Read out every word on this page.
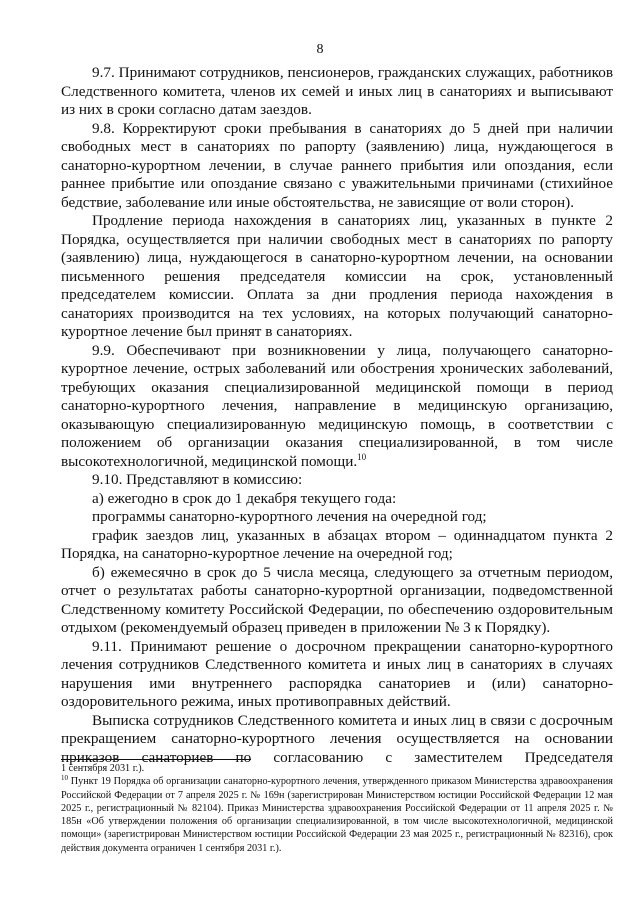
8

9.7. Принимают сотрудников, пенсионеров, гражданских служащих, работников Следственного комитета, членов их семей и иных лиц в санаториях и выписывают из них в сроки согласно датам заездов.

9.8. Корректируют сроки пребывания в санаториях до 5 дней при наличии свободных мест в санаториях по рапорту (заявлению) лица, нуждающегося в санаторно-курортном лечении, в случае раннего прибытия или опоздания, если раннее прибытие или опоздание связано с уважительными причинами (стихийное бедствие, заболевание или иные обстоятельства, не зависящие от воли сторон).

Продление периода нахождения в санаториях лиц, указанных в пункте 2 Порядка, осуществляется при наличии свободных мест в санаториях по рапорту (заявлению) лица, нуждающегося в санаторно-курортном лечении, на основании письменного решения председателя комиссии на срок, установленный председателем комиссии. Оплата за дни продления периода нахождения в санаториях производится на тех условиях, на которых получающий санаторно-курортное лечение был принят в санаториях.

9.9. Обеспечивают при возникновении у лица, получающего санаторно-курортное лечение, острых заболеваний или обострения хронических заболеваний, требующих оказания специализированной медицинской помощи в период санаторно-курортного лечения, направление в медицинскую организацию, оказывающую специализированную медицинскую помощь, в соответствии с положением об организации оказания специализированной, в том числе высокотехнологичной, медицинской помощи.$^{10}$

9.10. Представляют в комиссию:

а) ежегодно в срок до 1 декабря текущего года:

программы санаторно-курортного лечения на очередной год;

график заездов лиц, указанных в абзацах втором – одиннадцатом пункта 2 Порядка, на санаторно-курортное лечение на очередной год;

б) ежемесячно в срок до 5 числа месяца, следующего за отчетным периодом, отчет о результатах работы санаторно-курортной организации, подведомственной Следственному комитету Российской Федерации, по обеспечению оздоровительным отдыхом (рекомендуемый образец приведен в приложении № 3 к Порядку).

9.11. Принимают решение о досрочном прекращении санаторно-курортного лечения сотрудников Следственного комитета и иных лиц в санаториях в случаях нарушения ими внутреннего распорядка санаториев и (или) санаторно-оздоровительного режима, иных противоправных действий.

Выписка сотрудников Следственного комитета и иных лиц в связи с досрочным прекращением санаторно-курортного лечения осуществляется на основании приказов санаториев по согласованию с заместителем Председателя

1 сентября 2031 г.).

$^{10}$ Пункт 19 Порядка об организации санаторно-курортного лечения, утвержденного приказом Министерства здравоохранения Российской Федерации от 7 апреля 2025 г. № 169н (зарегистрирован Министерством юстиции Российской Федерации 12 мая 2025 г., регистрационный № 82104). Приказ Министерства здравоохранения Российской Федерации от 11 апреля 2025 г. № 185н «Об утверждении положения об организации специализированной, в том числе высокотехнологичной, медицинской помощи» (зарегистрирован Министерством юстиции Российской Федерации 23 мая 2025 г., регистрационный № 82316), срок действия документа ограничен 1 сентября 2031 г.).
